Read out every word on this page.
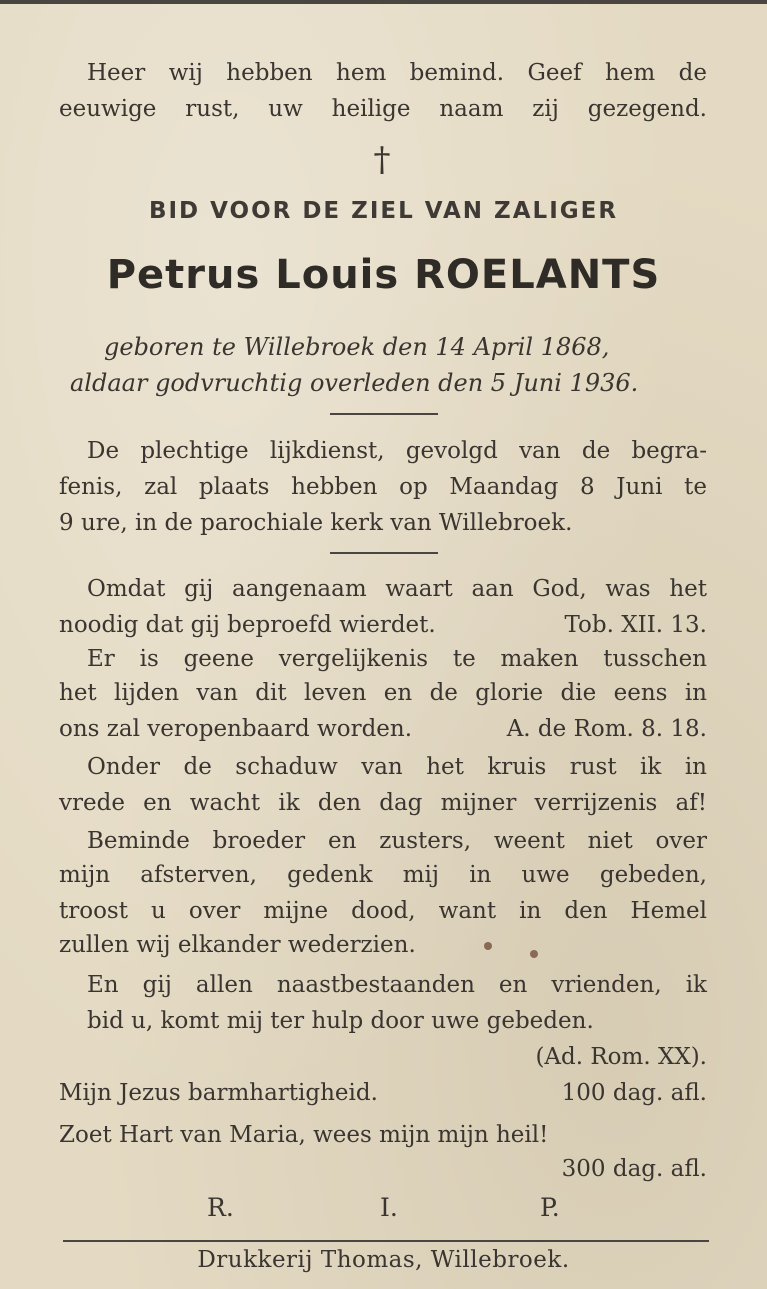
Heer wij hebben hem bemind. Geef hem de
eeuwige rust, uw heilige naam zij gezegend.
†
BID VOOR DE ZIEL VAN ZALIGER
Petrus Louis ROELANTS
geboren te Willebroek den 14 April 1868,
aldaar godvruchtig overleden den 5 Juni 1936.
De plechtige lijkdienst, gevolgd van de begra-
fenis, zal plaats hebben op Maandag 8 Juni te
9 ure, in de parochiale kerk van Willebroek.
Omdat gij aangenaam waart aan God, was het
noodig dat gij beproefd wierdet.	Tob. XII. 13.
Er is geene vergelijkenis te maken tusschen
het lijden van dit leven en de glorie die eens in
ons zal veropenbaard worden.	A. de Rom. 8. 18.
Onder de schaduw van het kruis rust ik in
vrede en wacht ik den dag mijner verrijzenis af!
Beminde broeder en zusters, weent niet over
mijn afsterven, gedenk mij in uwe gebeden,
troost u over mijne dood, want in den Hemel
zullen wij elkander wederzien.
En gij allen naastbestaanden en vrienden, ik
bid u, komt mij ter hulp door uwe gebeden.
(Ad. Rom. XX).
Mijn Jezus barmhartigheid.	100 dag. afl.
Zoet Hart van Maria, wees mijn mijn heil!
300 dag. afl.
R.	I.	P.
Drukkerij Thomas, Willebroek.
